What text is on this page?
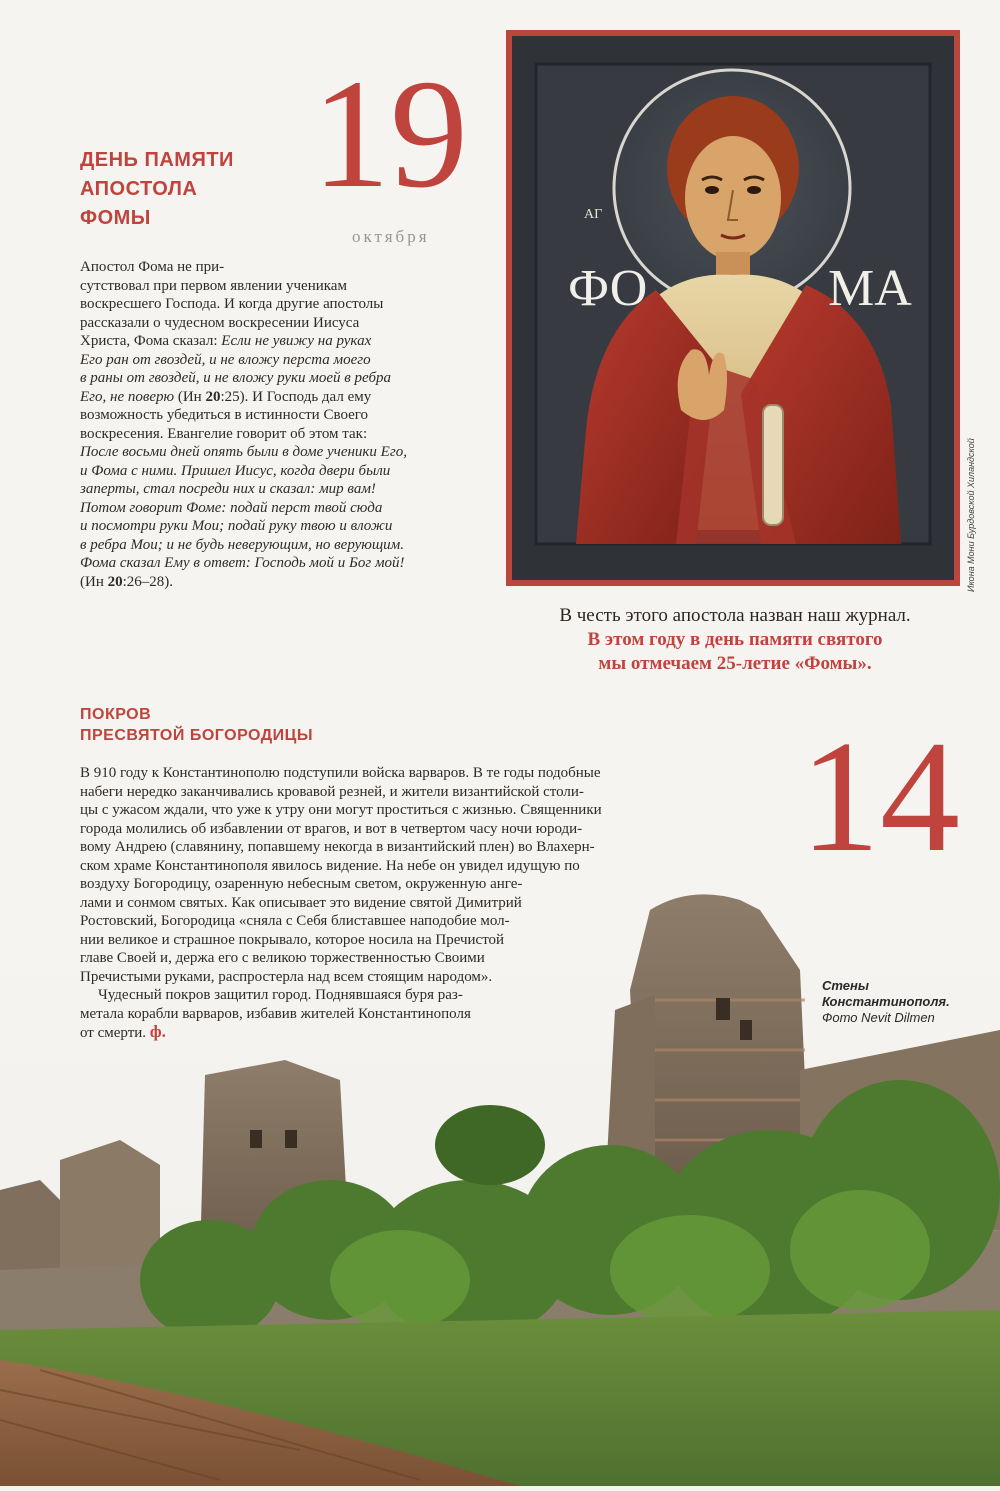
ДЕНЬ ПАМЯТИ
АПОСТОЛА
ФОМЫ	19
октября

Апостол Фома не при-

сутствовал при первом явлении ученикам

воскресшего Господа. И когда другие апостолы

рассказали о чудесном воскресении Иисуса

Христа, Фома сказал: Если не увижу на руках

Его ран от гвоздей, и не вложу перста моего

в раны от гвоздей, и не вложу руки моей в ребра

Его, не поверю (Ин 20:25). И Господь дал ему

возможность убедиться в истинности Своего

воскресения. Евангелие говорит об этом так:

После восьми дней опять были в доме ученики Его,

и Фома с ними. Пришел Иисус, когда двери были

заперты, стал посреди них и сказал: мир вам!

Потом говорит Фоме: подай перст твой сюда

и посмотри руки Мои; подай руку твою и вложи

в ребра Мои; и не будь неверующим, но верующим.

Фома сказал Ему в ответ: Господь мой и Бог мой!

(Ин 20:26–28).

ФО	МА
АГ
Икона Мони Бурдовской Хиландской
В честь этого апостола назван наш журнал.
В этом году в день памяти святого
мы отмечаем 25-летие «Фомы».
ПОКРОВ
ПРЕСВЯТОЙ БОГОРОДИЦЫ	14

В 910 году к Константинополю подступили войска варваров. В те годы подобные

набеги нередко заканчивались кровавой резней, и жители византийской столи-

цы с ужасом ждали, что уже к утру они могут проститься с жизнью. Священники

города молились об избавлении от врагов, и вот в четвертом часу ночи юроди-

вому Андрею (славянину, попавшему некогда в византийский плен) во Влахерн-

ском храме Константинополя явилось видение. На небе он увидел идущую по

воздуху Богородицу, озаренную небесным светом, окруженную анге-

лами и сонмом святых. Как описывает это видение святой Димитрий

Ростовский, Богородица «сняла с Себя блиставшее наподобие мол-

нии великое и страшное покрывало, которое носила на Пречистой

главе Своей и, держа его с великою торжественностью Своими

Пречистыми руками, распростерла над всем стоящим народом».

Чудесный покров защитил город. Поднявшаяся буря раз-

метала корабли варваров, избавив жителей Константинополя

от смерти. ф.

Стены
Константинополя.
Фото Nevit Dilmen
